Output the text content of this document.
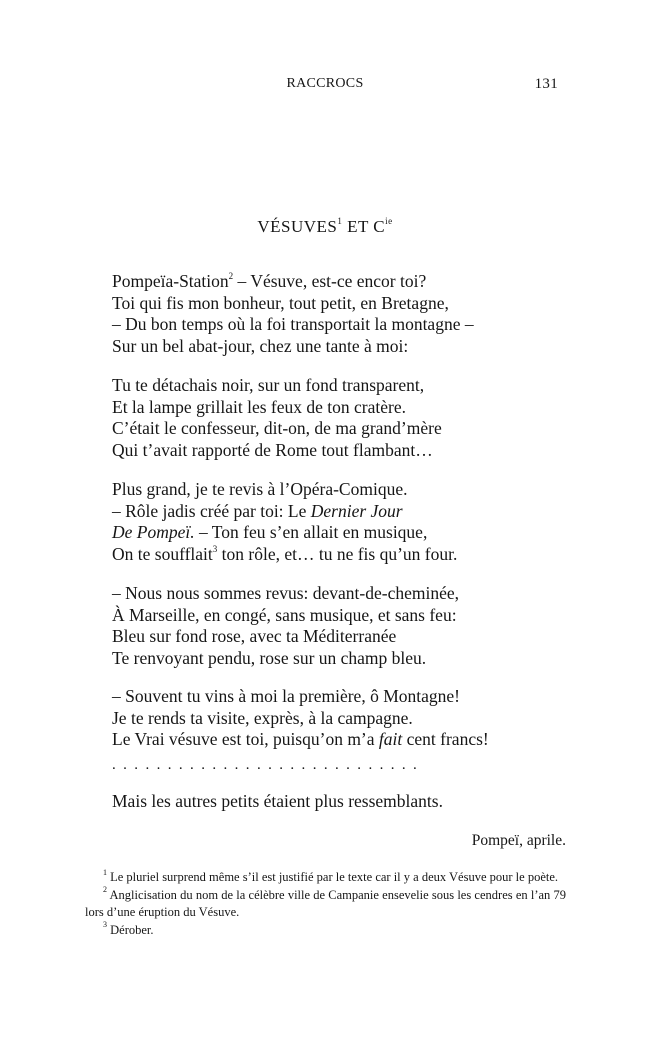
RACCROCS	131
VÉSUVES$^1$ ET $C^{ie}$
Pompeïa-Station$^2$ – Vésuve, est-ce encor toi?
Toi qui fis mon bonheur, tout petit, en Bretagne,
– Du bon temps où la foi transportait la montagne –
Sur un bel abat-jour, chez une tante à moi:
Tu te détachais noir, sur un fond transparent,
Et la lampe grillait les feux de ton cratère.
C’était le confesseur, dit-on, de ma grand’mère
Qui t’avait rapporté de Rome tout flambant…
Plus grand, je te revis à l’Opéra-Comique.
– Rôle jadis créé par toi: Le Dernier Jour
De Pompeï. – Ton feu s’en allait en musique,
On te soufflait$^3$ ton rôle, et… tu ne fis qu’un four.
– Nous nous sommes revus: devant-de-cheminée,
À Marseille, en congé, sans musique, et sans feu:
Bleu sur fond rose, avec ta Méditerranée
Te renvoyant pendu, rose sur un champ bleu.
– Souvent tu vins à moi la première, ô Montagne!
Je te rends ta visite, exprès, à la campagne.
Le Vrai vésuve est toi, puisqu’on m’a fait cent francs!
............................
Mais les autres petits étaient plus ressemblants.
Pompeï, aprile.

$^1$ Le pluriel surprend même s’il est justifié par le texte car il y a deux Vésuve pour le poète.

$^2$ Anglicisation du nom de la célèbre ville de Campanie ensevelie sous les cendres en l’an 79 lors d’une éruption du Vésuve.

$^3$ Dérober.
